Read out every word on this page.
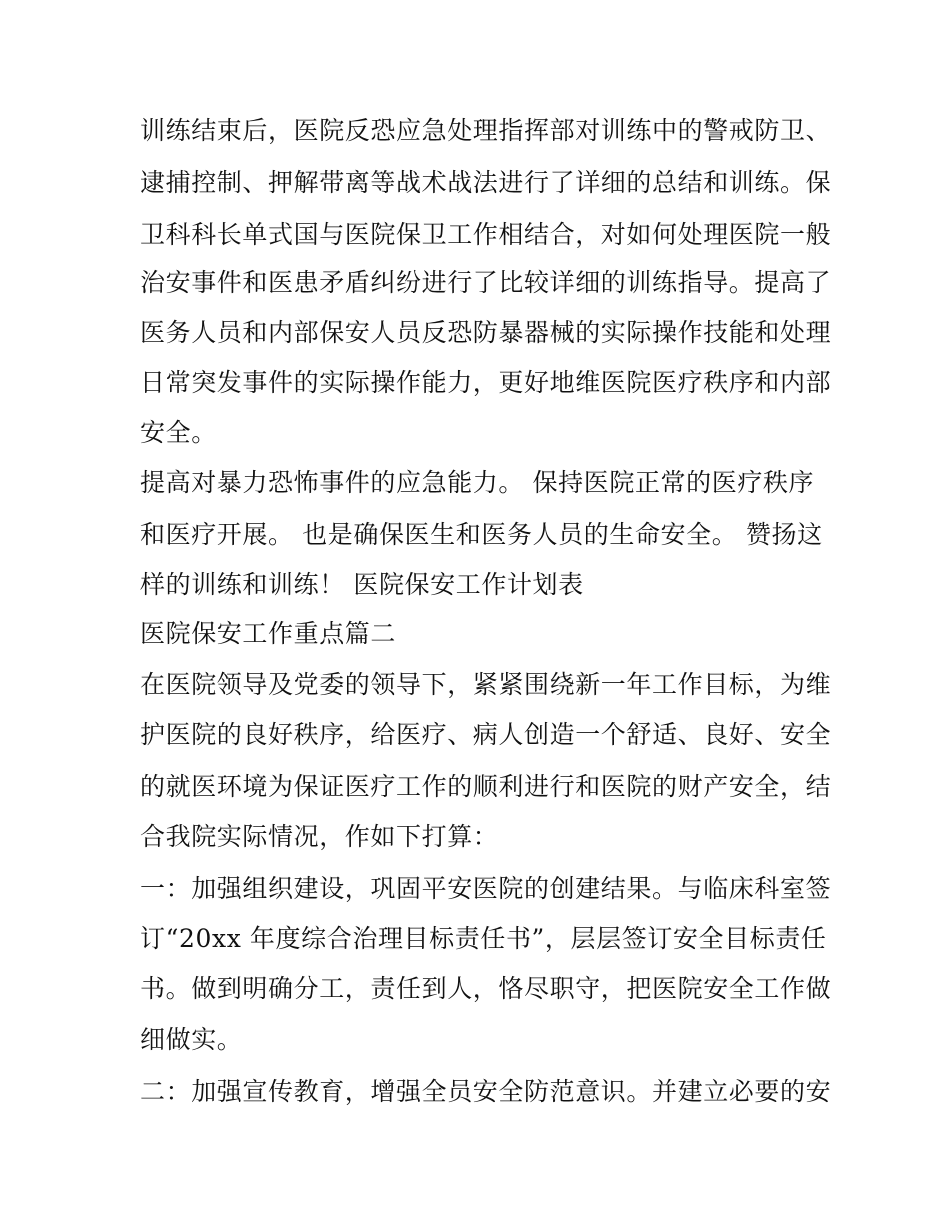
训练结束后，医院反恐应急处理指挥部对训练中的警戒防卫、
逮捕控制、押解带离等战术战法进行了详细的总结和训练。保
卫科科长单式国与医院保卫工作相结合，对如何处理医院一般
治安事件和医患矛盾纠纷进行了比较详细的训练指导。提高了
医务人员和内部保安人员反恐防暴器械的实际操作技能和处理
日常突发事件的实际操作能力，更好地维医院医疗秩序和内部
安全。
提高对暴力恐怖事件的应急能力。 保持医院正常的医疗秩序
和医疗开展。 也是确保医生和医务人员的生命安全。 赞扬这
样的训练和训练！ 医院保安工作计划表
医院保安工作重点篇二
在医院领导及党委的领导下，紧紧围绕新一年工作目标，为维
护医院的良好秩序，给医疗、病人创造一个舒适、良好、安全
的就医环境为保证医疗工作的顺利进行和医院的财产安全，结
合我院实际情况，作如下打算：
一：加强组织建设，巩固平安医院的创建结果。与临床科室签
订“20xx 年度综合治理目标责任书”，层层签订安全目标责任
书。做到明确分工，责任到人，恪尽职守，把医院安全工作做
细做实。
二：加强宣传教育，增强全员安全防范意识。并建立必要的安
